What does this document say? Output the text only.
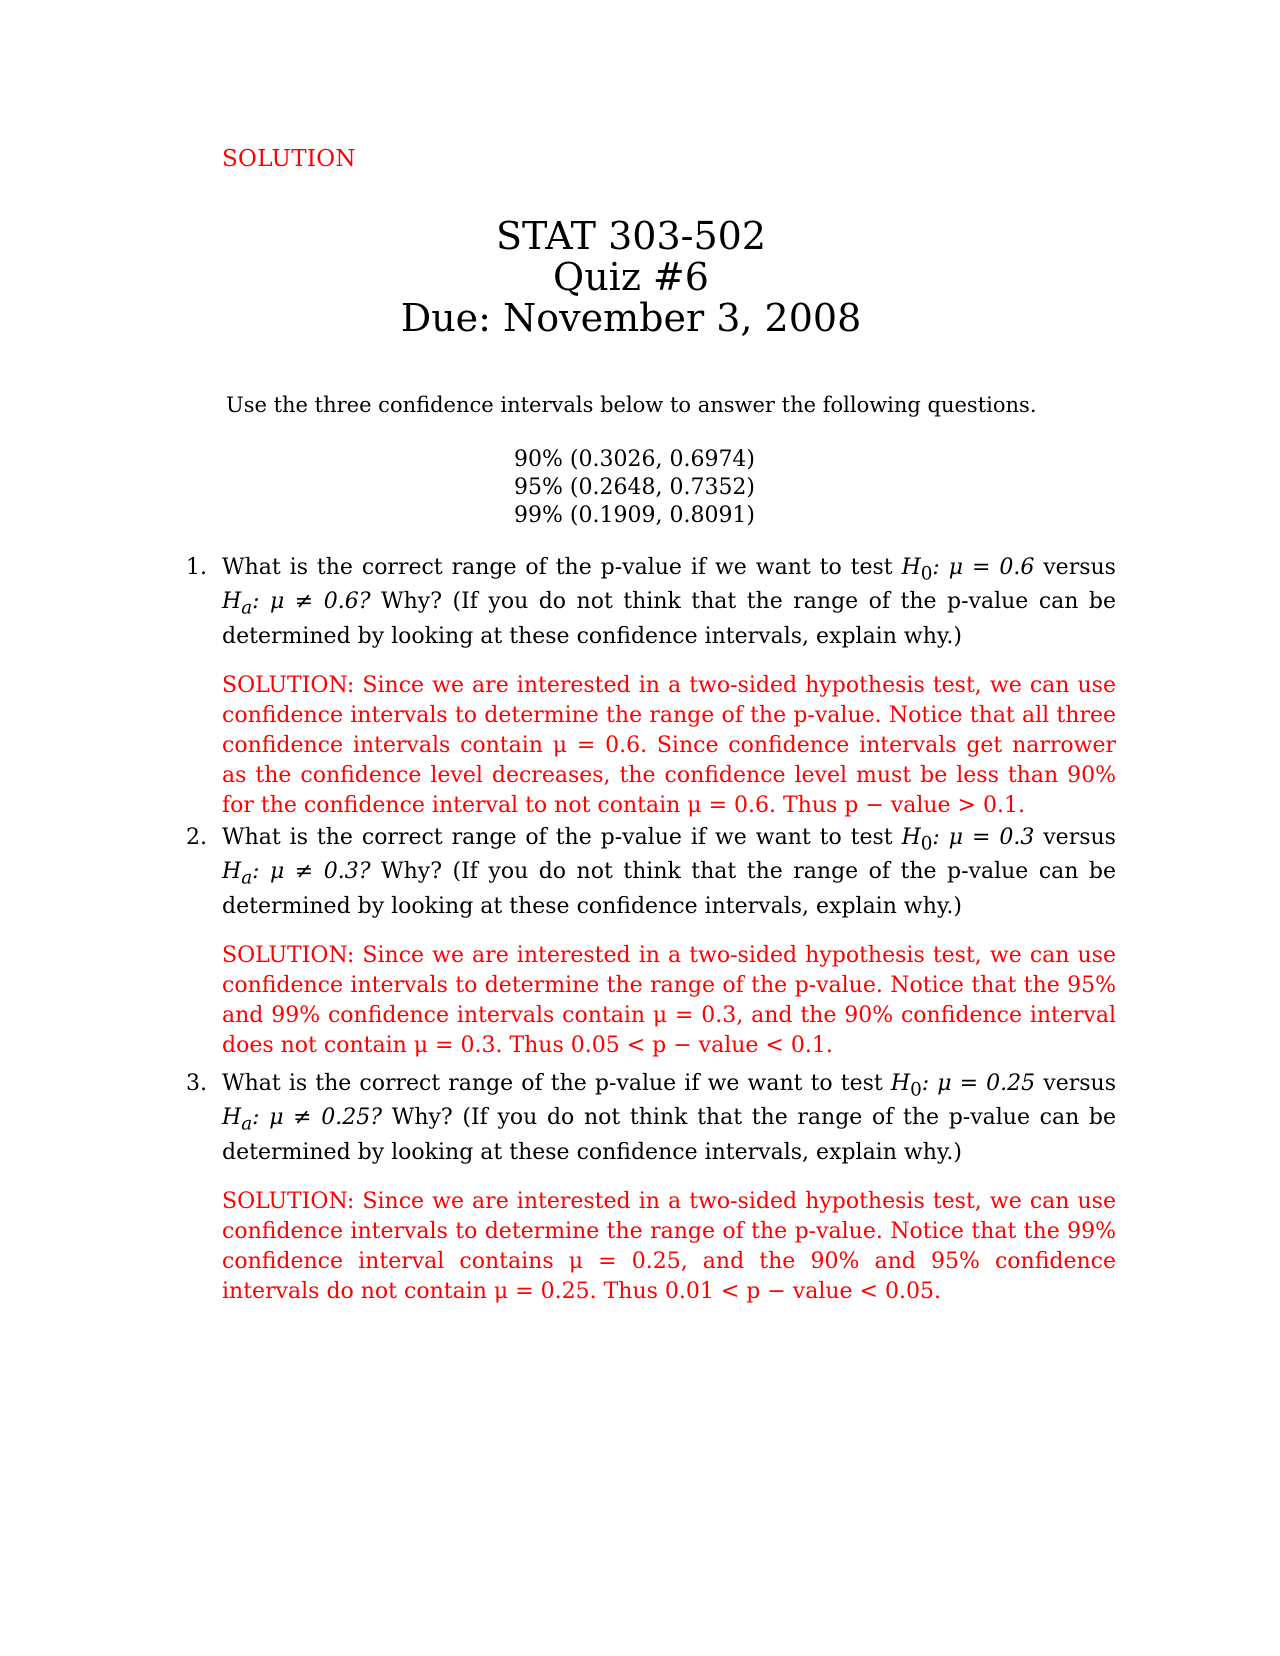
SOLUTION
STAT 303-502
Quiz #6
Due: November 3, 2008
Use the three confidence intervals below to answer the following questions.
90% (0.3026, 0.6974)
95% (0.2648, 0.7352)
99% (0.1909, 0.8091)
1. What is the correct range of the p-value if we want to test $H_0$: μ = 0.6 versus $H_a$: μ ≠ 0.6? Why? (If you do not think that the range of the p-value can be determined by looking at these confidence intervals, explain why.)
SOLUTION: Since we are interested in a two-sided hypothesis test, we can use confidence intervals to determine the range of the p-value. Notice that all three confidence intervals contain μ = 0.6. Since confidence intervals get narrower as the confidence level decreases, the confidence level must be less than 90% for the confidence interval to not contain μ = 0.6. Thus p − value > 0.1.
2. What is the correct range of the p-value if we want to test $H_0$: μ = 0.3 versus $H_a$: μ ≠ 0.3? Why? (If you do not think that the range of the p-value can be determined by looking at these confidence intervals, explain why.)
SOLUTION: Since we are interested in a two-sided hypothesis test, we can use confidence intervals to determine the range of the p-value. Notice that the 95% and 99% confidence intervals contain μ = 0.3, and the 90% confidence interval does not contain μ = 0.3. Thus 0.05 < p − value < 0.1.
3. What is the correct range of the p-value if we want to test $H_0$: μ = 0.25 versus $H_a$: μ ≠ 0.25? Why? (If you do not think that the range of the p-value can be determined by looking at these confidence intervals, explain why.)
SOLUTION: Since we are interested in a two-sided hypothesis test, we can use confidence intervals to determine the range of the p-value. Notice that the 99% confidence interval contains μ = 0.25, and the 90% and 95% confidence intervals do not contain μ = 0.25. Thus 0.01 < p − value < 0.05.
